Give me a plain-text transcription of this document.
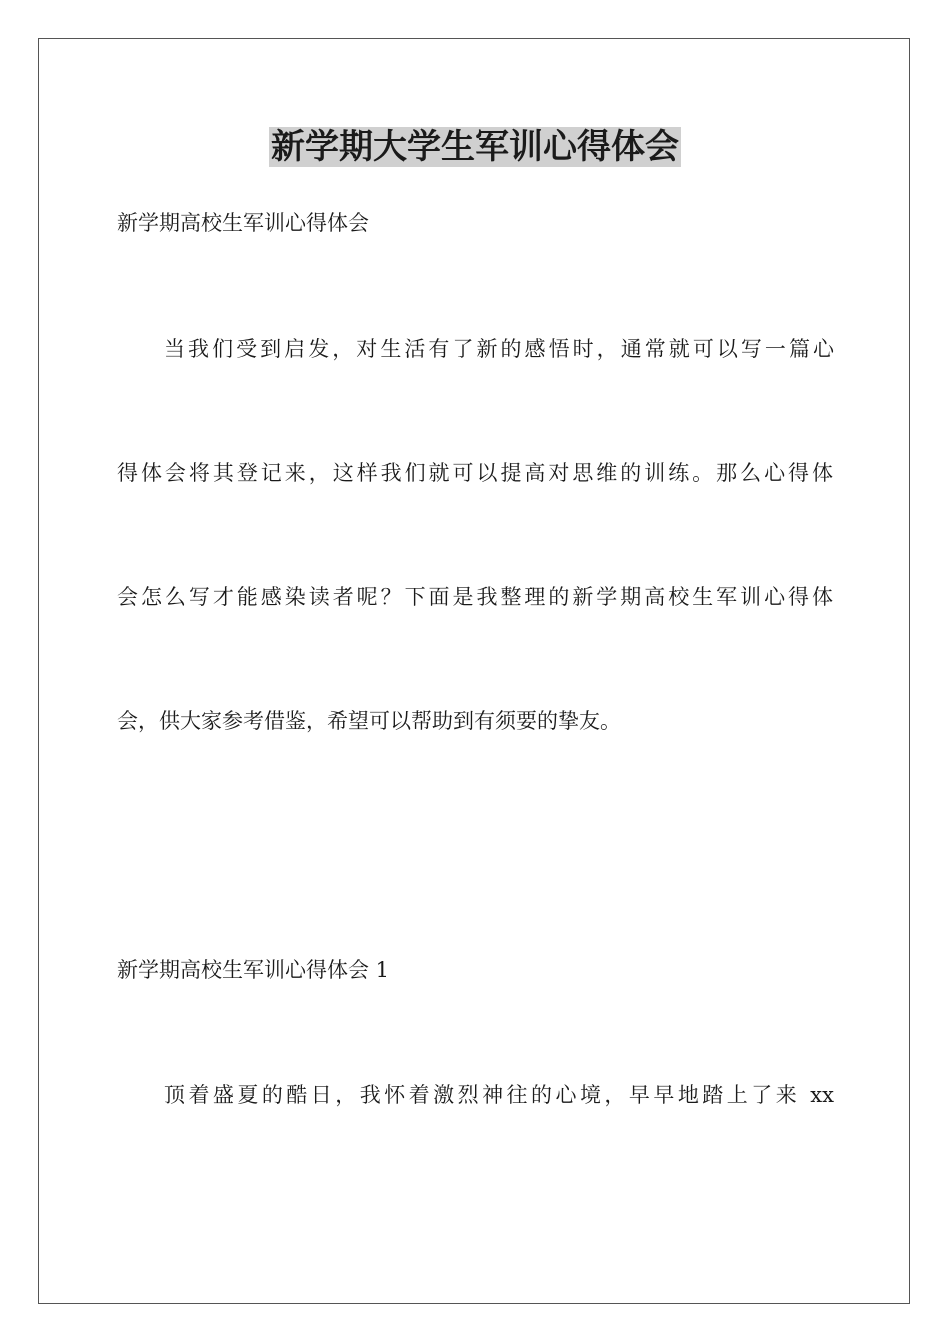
新学期大学生军训心得体会
新学期高校生军训心得体会
当我们受到启发，对生活有了新的感悟时，通常就可以写一篇心
得体会将其登记来，这样我们就可以提高对思维的训练。那么心得体
会怎么写才能感染读者呢？下面是我整理的新学期高校生军训心得体
会，供大家参考借鉴，希望可以帮助到有须要的挚友。
新学期高校生军训心得体会 1
顶着盛夏的酷日，我怀着激烈神往的心境，早早地踏上了来 xx
